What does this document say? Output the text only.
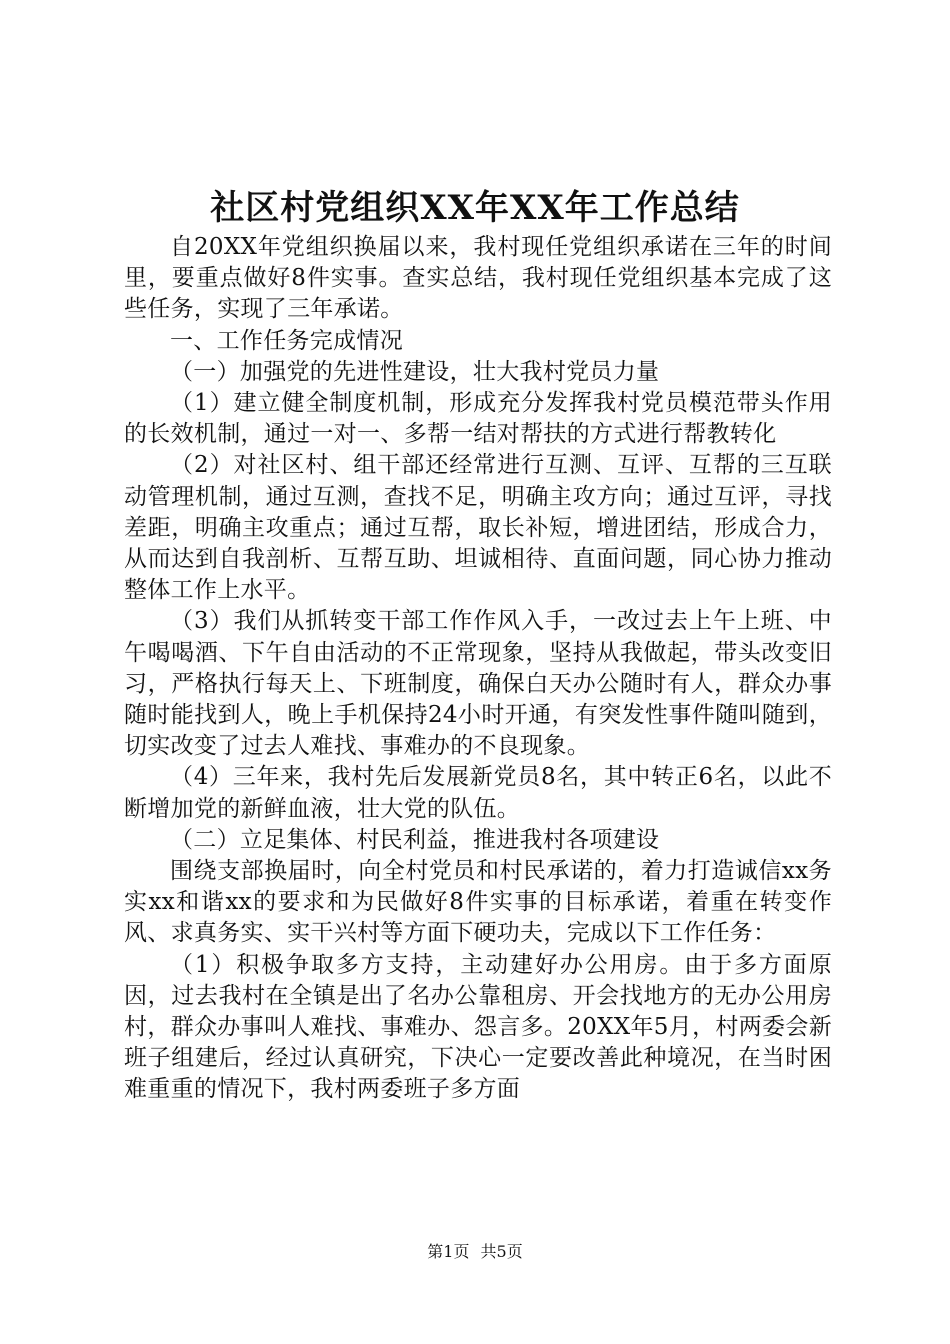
社区村党组织XX年XX年工作总结

自20XX年党组织换届以来，我村现任党组织承诺在三年的时间里，要重点做好8件实事。查实总结，我村现任党组织基本完成了这些任务，实现了三年承诺。

一、工作任务完成情况

（一）加强党的先进性建设，壮大我村党员力量

（1）建立健全制度机制，形成充分发挥我村党员模范带头作用的长效机制，通过一对一、多帮一结对帮扶的方式进行帮教转化

（2）对社区村、组干部还经常进行互测、互评、互帮的三互联动管理机制，通过互测，查找不足，明确主攻方向；通过互评，寻找差距，明确主攻重点；通过互帮，取长补短，增进团结，形成合力，从而达到自我剖析、互帮互助、坦诚相待、直面问题，同心协力推动整体工作上水平。

（3）我们从抓转变干部工作作风入手，一改过去上午上班、中午喝喝酒、下午自由活动的不正常现象，坚持从我做起，带头改变旧习，严格执行每天上、下班制度，确保白天办公随时有人，群众办事随时能找到人，晚上手机保持24小时开通，有突发性事件随叫随到，切实改变了过去人难找、事难办的不良现象。

（4）三年来，我村先后发展新党员8名，其中转正6名，以此不断增加党的新鲜血液，壮大党的队伍。

（二）立足集体、村民利益，推进我村各项建设

围绕支部换届时，向全村党员和村民承诺的，着力打造诚信xx务实xx和谐xx的要求和为民做好8件实事的目标承诺，着重在转变作风、求真务实、实干兴村等方面下硬功夫，完成以下工作任务：

（1）积极争取多方支持，主动建好办公用房。由于多方面原因，过去我村在全镇是出了名办公靠租房、开会找地方的无办公用房村，群众办事叫人难找、事难办、怨言多。20XX年5月，村两委会新班子组建后，经过认真研究，下决心一定要改善此种境况，在当时困难重重的情况下，我村两委班子多方面

第1页 共5页
